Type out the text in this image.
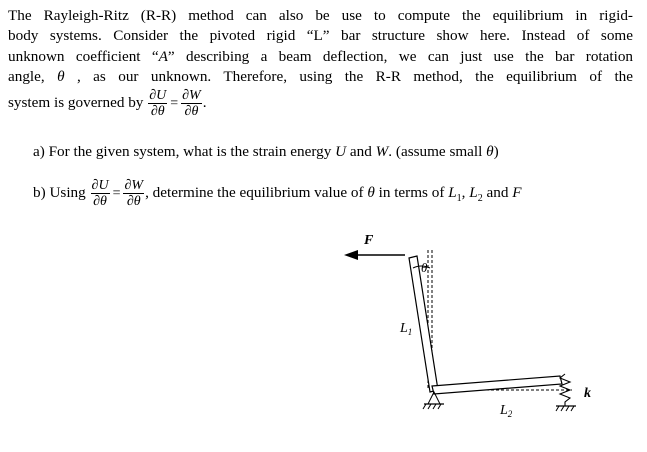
The Rayleigh-Ritz (R-R) method can also be use to compute the equilibrium in rigid-
body systems. Consider the pivoted rigid “L” bar structure show here. Instead of some
unknown coefficient “A” describing a beam deflection, we can just use the bar rotation
angle, θ , as our unknown. Therefore, using the R-R method, the equilibrium of the
system is governed by $\frac{\partial U}{\partial\theta} = \frac{\partial W}{\partial\theta}$ .
a) For the given system, what is the strain energy U and W. (assume small θ)
b) Using $\frac{\partial U}{\partial\theta} = \frac{\partial W}{\partial\theta}$ , determine the equilibrium value of θ in terms of $L_1$, $L_2$ and F
F
θ
$L_1$
$L_2$
k
